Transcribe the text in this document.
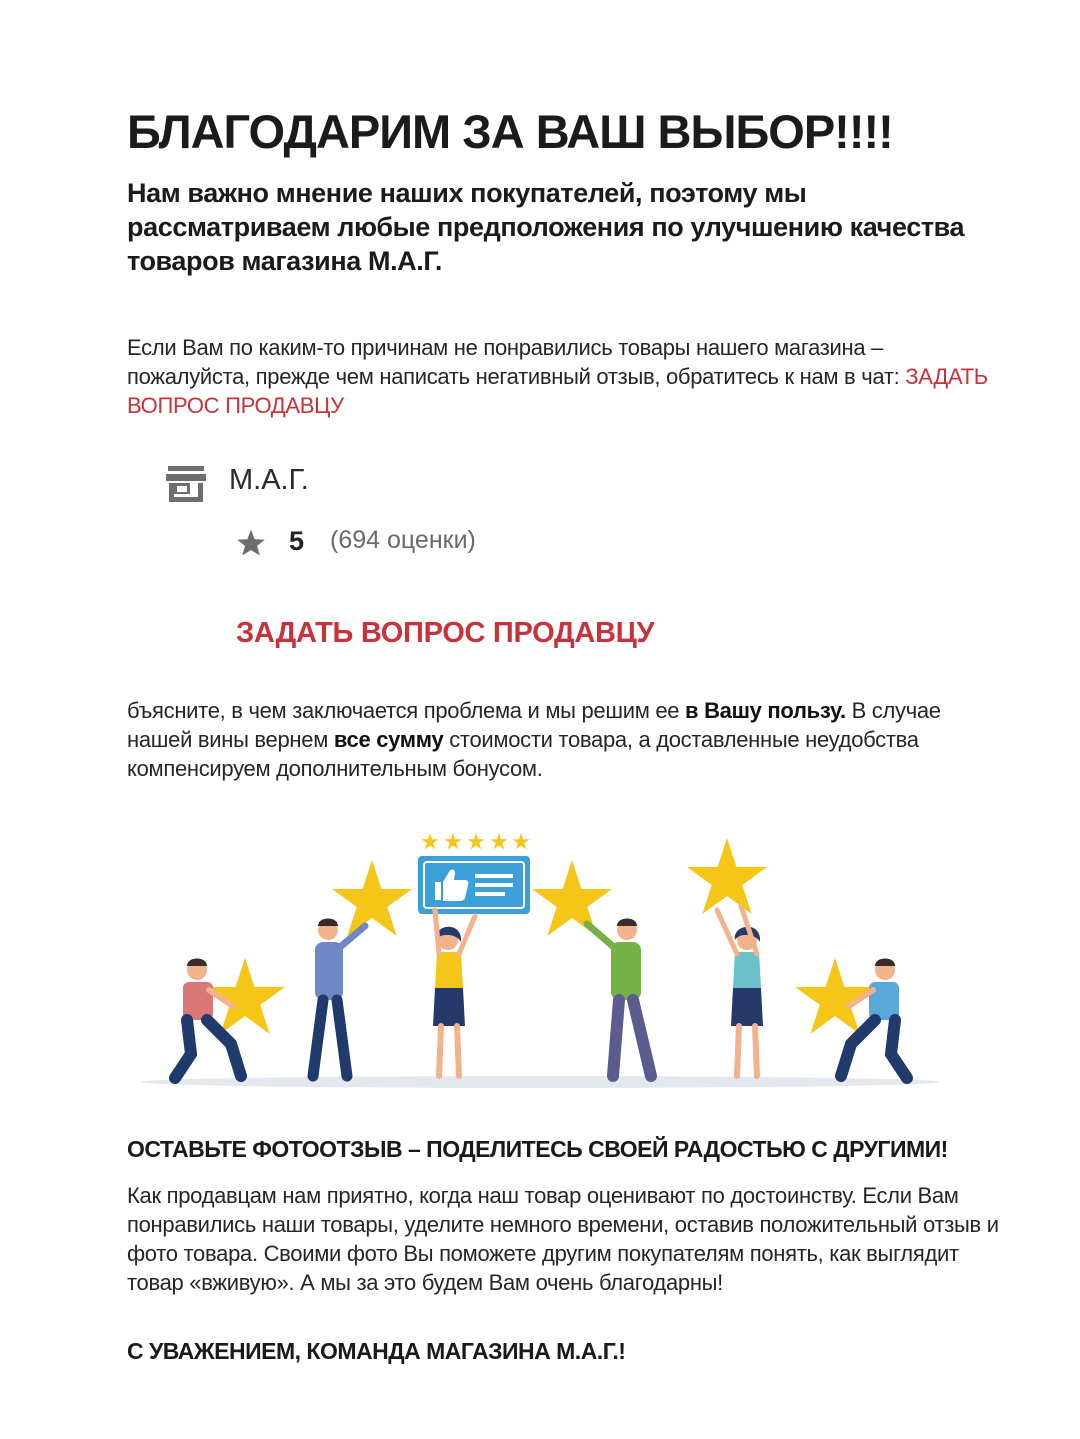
БЛАГОДАРИМ ЗА ВАШ ВЫБОР!!!!

Нам важно мнение наших покупателей, поэтому мы рассматриваем любые предположения по улучшению качества товаров магазина М.А.Г.

Если Вам по каким-то причинам не понравились товары нашего магазина – пожалуйста, прежде чем написать негативный отзыв, обратитесь к нам в чат: ЗАДАТЬ ВОПРОС ПРОДАВЦУ

М.А.Г.
5 (694 оценки)
ЗАДАТЬ ВОПРОС ПРОДАВЦУ

бъясните, в чем заключается проблема и мы решим ее в Вашу пользу. В случае нашей вины вернем все сумму стоимости товара, а доставленные неудобства компенсируем дополнительным бонусом.

ОСТАВЬТЕ ФОТООТЗЫВ – ПОДЕЛИТЕСЬ СВОЕЙ РАДОСТЬЮ С ДРУГИМИ!

Как продавцам нам приятно, когда наш товар оценивают по достоинству. Если Вам понравились наши товары, уделите немного времени, оставив положительный отзыв и фото товара. Своими фото Вы поможете другим покупателям понять, как выглядит товар «вживую». А мы за это будем Вам очень благодарны!

С УВАЖЕНИЕМ, КОМАНДА МАГАЗИНА М.А.Г.!
